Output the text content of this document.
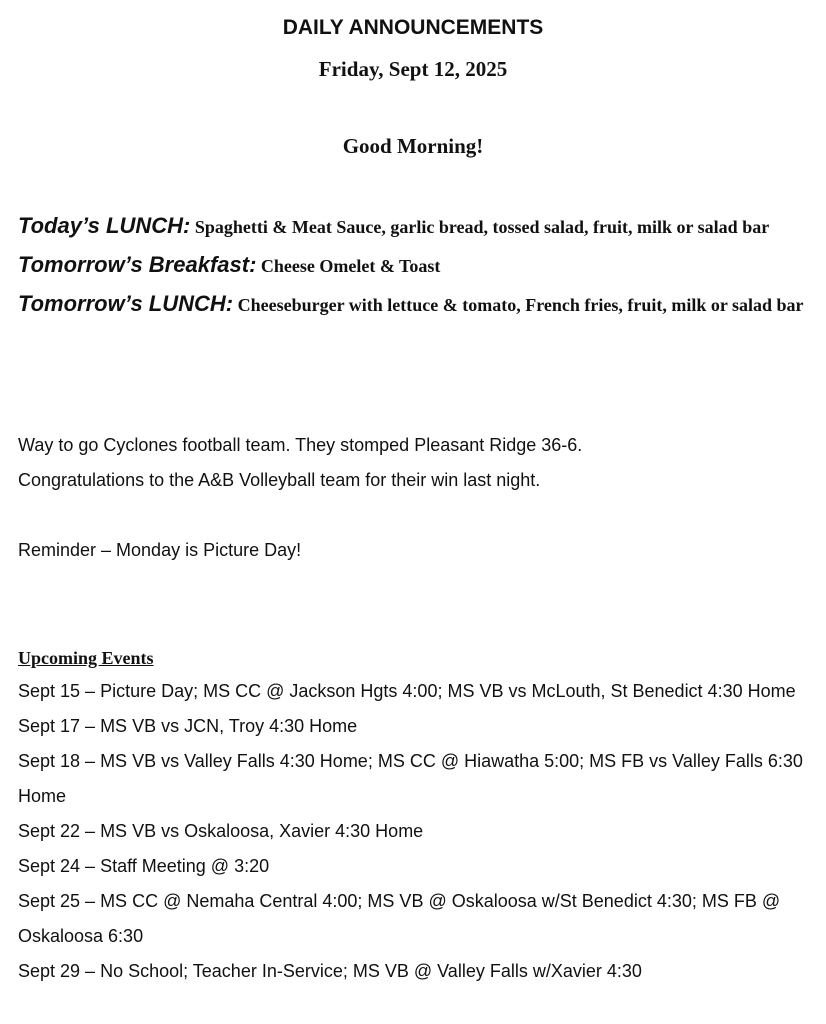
DAILY ANNOUNCEMENTS
Friday, Sept 12, 2025
Good Morning!

Today’s LUNCH: Spaghetti & Meat Sauce, garlic bread, tossed salad, fruit, milk or salad bar

Tomorrow’s Breakfast: Cheese Omelet & Toast

Tomorrow’s LUNCH: Cheeseburger with lettuce & tomato, French fries, fruit, milk or salad bar

Way to go Cyclones football team. They stomped Pleasant Ridge 36-6.

Congratulations to the A&B Volleyball team for their win last night.

Reminder – Monday is Picture Day!

Upcoming Events
Sept 15 – Picture Day; MS CC @ Jackson Hgts 4:00; MS VB vs McLouth, St Benedict 4:30 Home
Sept 17 – MS VB vs JCN, Troy 4:30 Home
Sept 18 – MS VB vs Valley Falls 4:30 Home; MS CC @ Hiawatha 5:00; MS FB vs Valley Falls 6:30 Home
Sept 22 – MS VB vs Oskaloosa, Xavier 4:30 Home
Sept 24 – Staff Meeting @ 3:20
Sept 25 – MS CC @ Nemaha Central 4:00; MS VB @ Oskaloosa w/St Benedict 4:30; MS FB @ Oskaloosa 6:30
Sept 29 – No School; Teacher In-Service; MS VB @ Valley Falls w/Xavier 4:30
